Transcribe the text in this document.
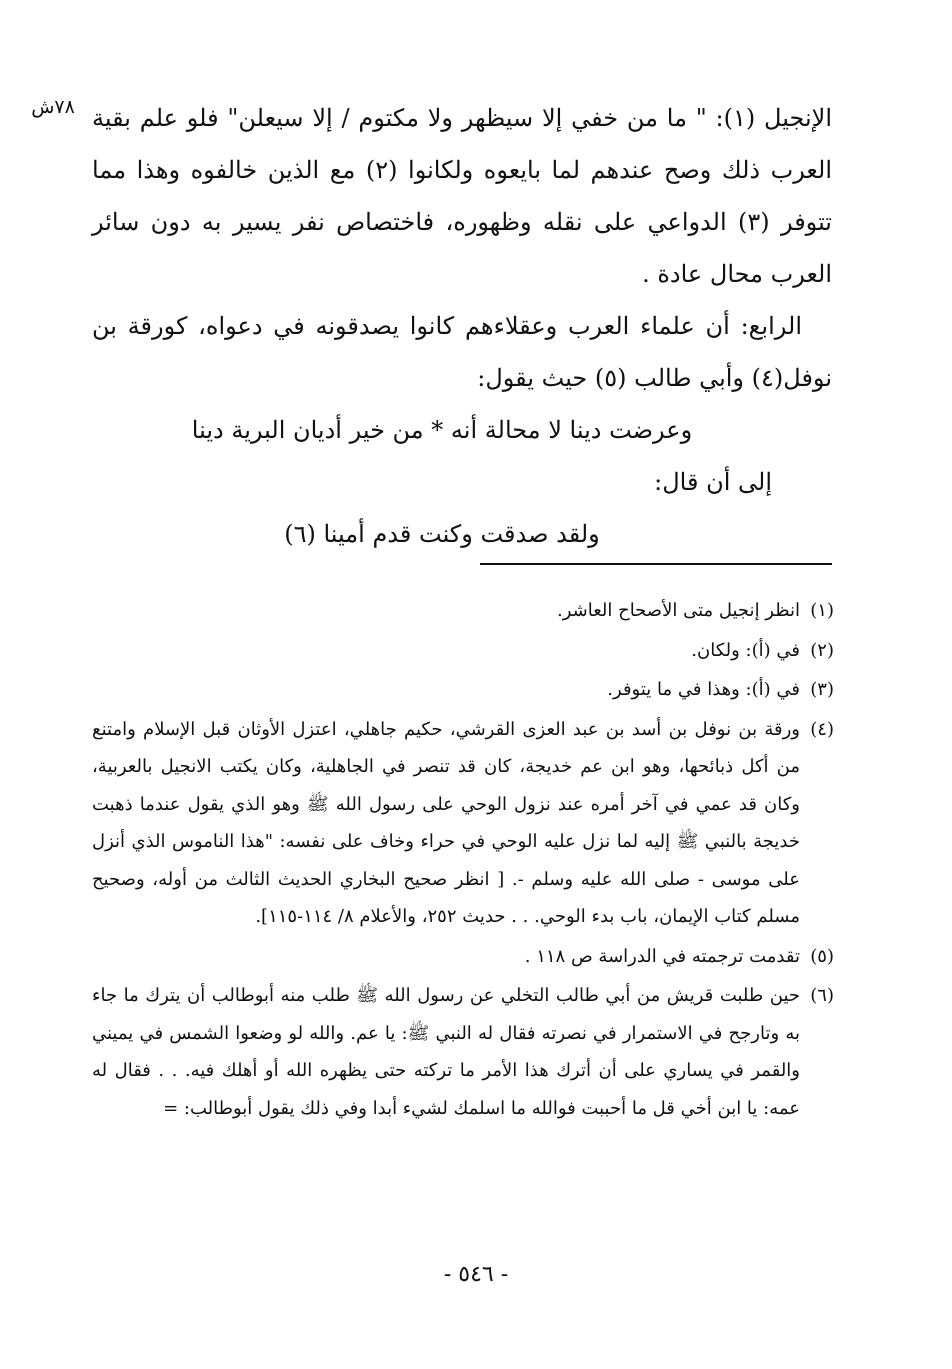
٧٨ش الإنجيل (١): " ما من خفي إلا سيظهر ولا مكتوم / إلا سيعلن" فلو علم بقية العرب ذلك وصح عندهم لما بايعوه ولكانوا (٢) مع الذين خالفوه وهذا مما تتوفر (٣) الدواعي على نقله وظهوره، فاختصاص نفر يسير به دون سائر العرب محال عادة .

الرابع: أن علماء العرب وعقلاءهم كانوا يصدقونه في دعواه، كورقة بن نوفل(٤) وأبي طالب (٥) حيث يقول:

وعرضت دينا لا محالة أنه * من خير أديان البرية دينا

إلى أن قال:

ولقد صدقت وكنت قدم أمينا (٦)

(١)
انظر إنجيل متى الأصحاح العاشر.
(٢)
في (أ): ولكان.
(٣)
في (أ): وهذا في ما يتوفر.
(٤)
ورقة بن نوفل بن أسد بن عبد العزى القرشي، حكيم جاهلي، اعتزل الأوثان قبل الإسلام وامتنع من أكل ذبائحها، وهو ابن عم خديجة، كان قد تنصر في الجاهلية، وكان يكتب الانجيل بالعربية، وكان قد عمي في آخر أمره عند نزول الوحي على رسول الله ﷺ وهو الذي يقول عندما ذهبت خديجة بالنبي ﷺ إليه لما نزل عليه الوحي في حراء وخاف على نفسه: "هذا الناموس الذي أنزل على موسى - صلى الله عليه وسلم -. [ انظر صحيح البخاري الحديث الثالث من أوله، وصحيح مسلم كتاب الإيمان، باب بدء الوحي. . . حديث ٢٥٢، والأعلام ٨/ ١١٤-١١٥].
(٥)
تقدمت ترجمته في الدراسة ص ١١٨ .
(٦)
حين طلبت قريش من أبي طالب التخلي عن رسول الله ﷺ طلب منه أبوطالب أن يترك ما جاء به وتارجح في الاستمرار في نصرته فقال له النبي ﷺ: يا عم. والله لو وضعوا الشمس في يميني والقمر في يساري على أن أترك هذا الأمر ما تركته حتى يظهره الله أو أهلك فيه. . . فقال له عمه: يا ابن أخي قل ما أحببت فوالله ما اسلمك لشيء أبدا وفي ذلك يقول أبوطالب: =
- ٥٤٦ -
